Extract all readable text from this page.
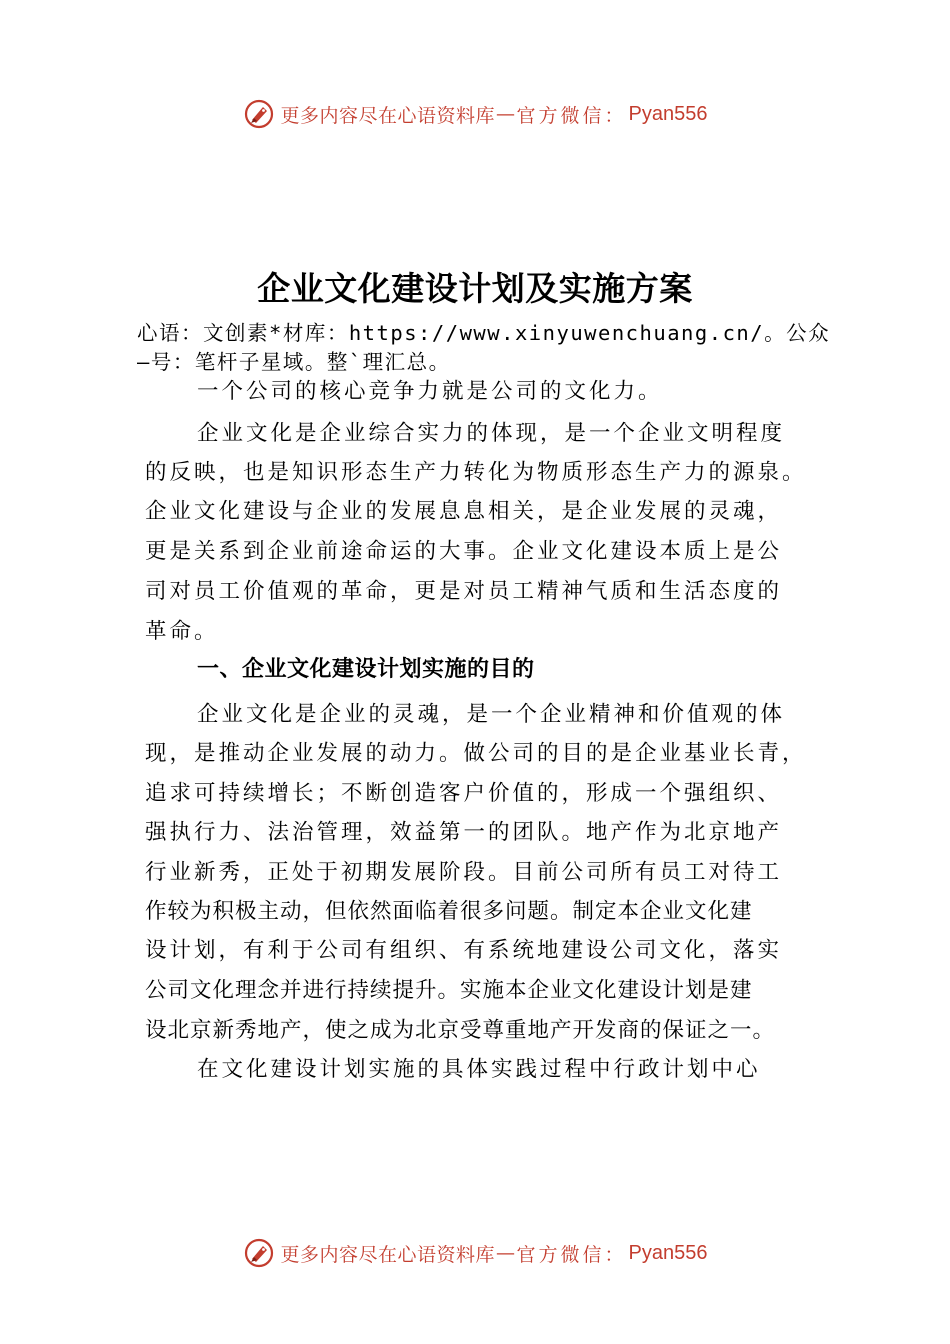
更多内容尽在心语资料库 — 官方微信： Pyan556
企业文化建设计划及实施方案
心语：文创素*材库：https://www.xinyuwenchuang.cn/。公众
—号：笔杆子星域。整`理汇总。
一个公司的核心竞争力就是公司的文化力。
企业文化是企业综合实力的体现，是一个企业文明程度
的反映，也是知识形态生产力转化为物质形态生产力的源泉。
企业文化建设与企业的发展息息相关，是企业发展的灵魂，
更是关系到企业前途命运的大事。企业文化建设本质上是公
司对员工价值观的革命，更是对员工精神气质和生活态度的
革命。
一、企业文化建设计划实施的目的
企业文化是企业的灵魂，是一个企业精神和价值观的体
现，是推动企业发展的动力。做公司的目的是企业基业长青，
追求可持续增长；不断创造客户价值的，形成一个强组织、
强执行力、法治管理，效益第一的团队。地产作为北京地产
行业新秀，正处于初期发展阶段。目前公司所有员工对待工
作较为积极主动，但依然面临着很多问题。制定本企业文化建
设计划，有利于公司有组织、有系统地建设公司文化，落实
公司文化理念并进行持续提升。实施本企业文化建设计划是建
设北京新秀地产，使之成为北京受尊重地产开发商的保证之一。
在文化建设计划实施的具体实践过程中行政计划中心
更多内容尽在心语资料库 — 官方微信： Pyan556
